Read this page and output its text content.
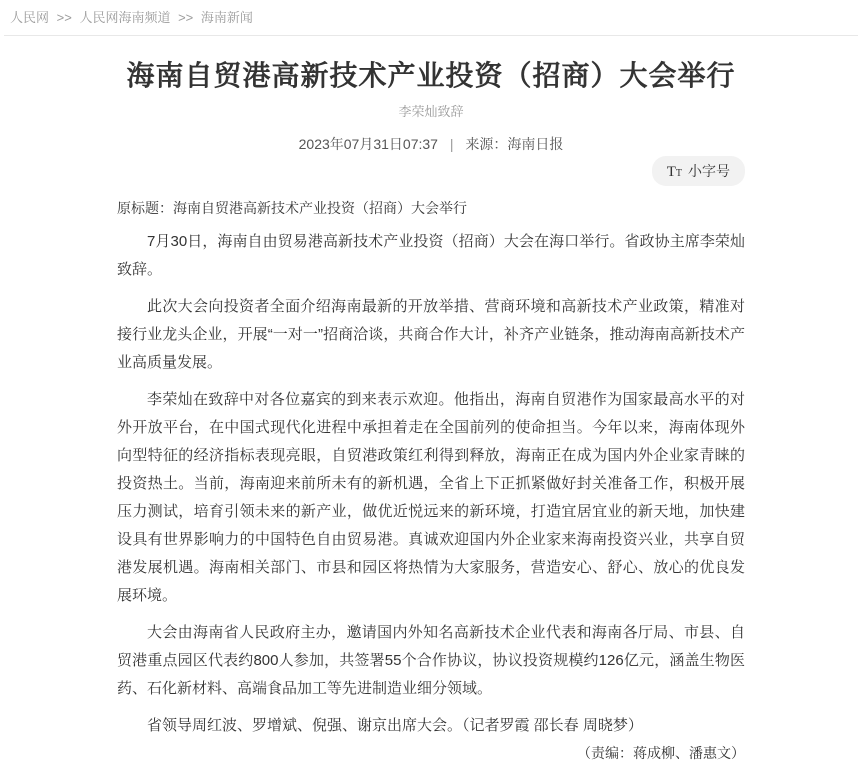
人民网 >> 人民网海南频道 >> 海南新闻
海南自贸港高新技术产业投资（招商）大会举行
李荣灿致辞
2023年07月31日07:37 | 来源：海南日报
TT 小字号
原标题：海南自贸港高新技术产业投资（招商）大会举行

7月30日，海南自由贸易港高新技术产业投资（招商）大会在海口举行。省政协主席李荣灿致辞。

此次大会向投资者全面介绍海南最新的开放举措、营商环境和高新技术产业政策，精准对接行业龙头企业，开展“一对一”招商洽谈，共商合作大计，补齐产业链条，推动海南高新技术产业高质量发展。

李荣灿在致辞中对各位嘉宾的到来表示欢迎。他指出，海南自贸港作为国家最高水平的对外开放平台，在中国式现代化进程中承担着走在全国前列的使命担当。今年以来，海南体现外向型特征的经济指标表现亮眼，自贸港政策红利得到释放，海南正在成为国内外企业家青睐的投资热土。当前，海南迎来前所未有的新机遇，全省上下正抓紧做好封关准备工作，积极开展压力测试，培育引领未来的新产业，做优近悦远来的新环境，打造宜居宜业的新天地，加快建设具有世界影响力的中国特色自由贸易港。真诚欢迎国内外企业家来海南投资兴业，共享自贸港发展机遇。海南相关部门、市县和园区将热情为大家服务，营造安心、舒心、放心的优良发展环境。

大会由海南省人民政府主办，邀请国内外知名高新技术企业代表和海南各厅局、市县、自贸港重点园区代表约800人参加，共签署55个合作协议，协议投资规模约126亿元，涵盖生物医药、石化新材料、高端食品加工等先进制造业细分领域。

省领导周红波、罗增斌、倪强、谢京出席大会。（记者罗霞 邵长春 周晓梦）

（责编：蒋成柳、潘惠文）
